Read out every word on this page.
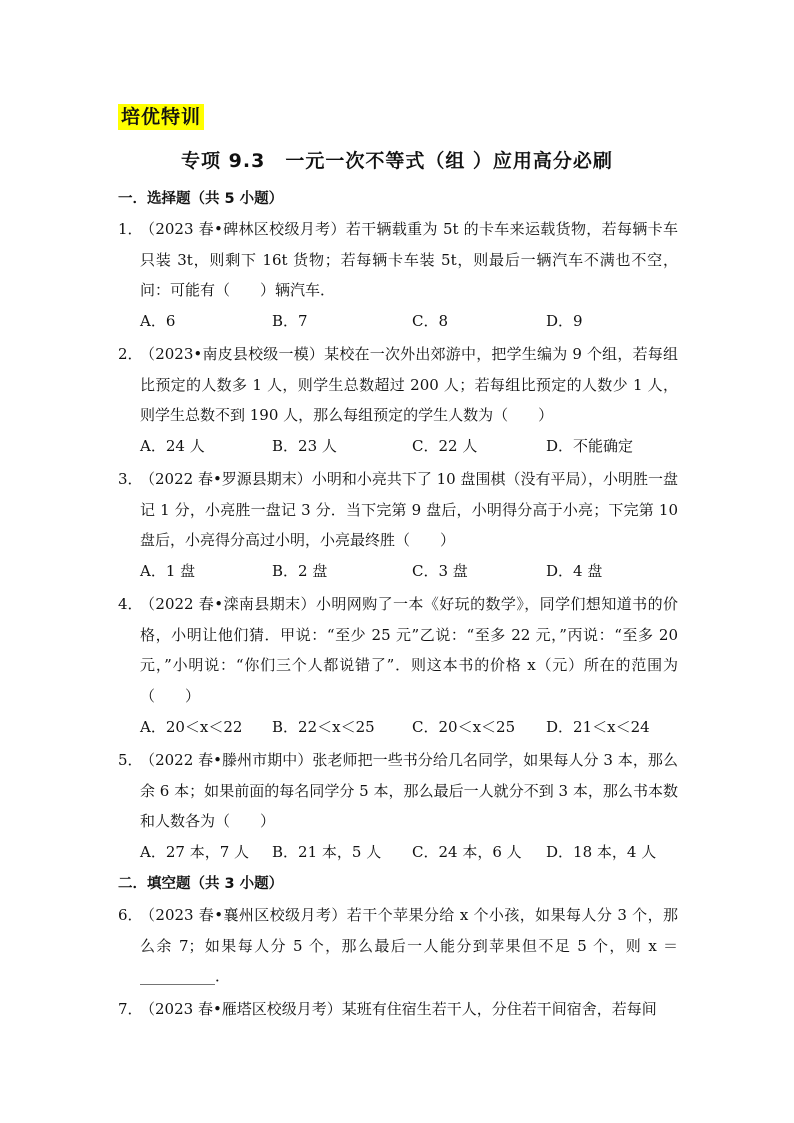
培优特训
专项 9.3　一元一次不等式（组 ）应用高分必刷
一．选择题（共 5 小题）
1．
（2023 春•碑林区校级月考）若干辆载重为 5t 的卡车来运载货物，若每辆卡车只装 3t，则剩下 16t 货物；若每辆卡车装 5t，则最后一辆汽车不满也不空，问：可能有（　　）辆汽车．
A．6	B．7	C．8	D．9
2．
（2023•南皮县校级一模）某校在一次外出郊游中，把学生编为 9 个组，若每组比预定的人数多 1 人，则学生总数超过 200 人；若每组比预定的人数少 1 人，则学生总数不到 190 人，那么每组预定的学生人数为（　　）
A．24 人	B．23 人	C．22 人	D．不能确定
3．
（2022 春•罗源县期末）小明和小亮共下了 10 盘围棋（没有平局），小明胜一盘记 1 分，小亮胜一盘记 3 分．当下完第 9 盘后，小明得分高于小亮；下完第 10 盘后，小亮得分高过小明，小亮最终胜（　　）
A．1 盘	B．2 盘	C．3 盘	D．4 盘
4．
（2022 春•滦南县期末）小明网购了一本《好玩的数学》，同学们想知道书的价格，小明让他们猜．甲说：“至少 25 元”乙说：“至多 22 元，”丙说：“至多 20 元，”小明说：“你们三个人都说错了”．则这本书的价格 x（元）所在的范围为（　　）
A．20＜x＜22 B．22＜x＜25 C．20＜x＜25 D．21＜x＜24
5．
（2022 春•滕州市期中）张老师把一些书分给几名同学，如果每人分 3 本，那么余 6 本；如果前面的每名同学分 5 本，那么最后一人就分不到 3 本，那么书本数和人数各为（　　）
A．27 本，7 人 B．21 本，5 人 C．24 本，6 人 D．18 本，4 人
二．填空题（共 3 小题）
6．
（2023 春•襄州区校级月考）若干个苹果分给 x 个小孩，如果每人分 3 个，那么余 7；如果每人分 5 个，那么最后一人能分到苹果但不足 5 个，则 x ＝__________．
7．
（2023 春•雁塔区校级月考）某班有住宿生若干人，分住若干间宿舍，若每间
